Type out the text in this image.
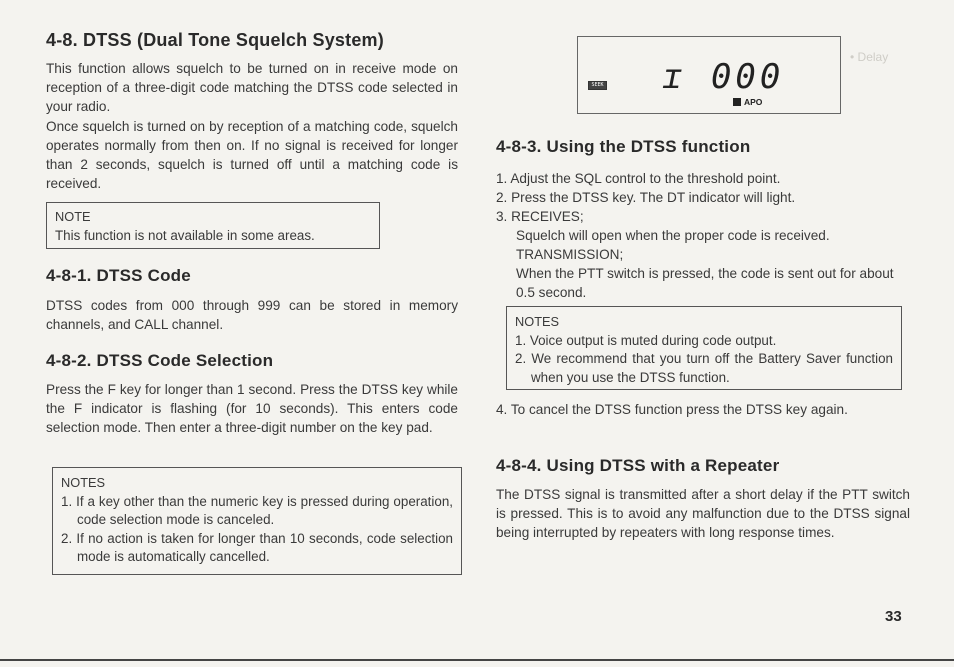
• Delay
4-8. DTSS (Dual Tone Squelch System)

This function allows squelch to be turned on in receive mode on reception of a three-digit code matching the DTSS code selected in your radio.

Once squelch is turned on by reception of a matching code, squelch operates normally from then on. If no signal is received for longer than 2 seconds, squelch is turned off until a matching code is received.

NOTE
This function is not available in some areas.
4-8-1. DTSS Code

DTSS codes from 000 through 999 can be stored in memory channels, and CALL channel.

4-8-2. DTSS Code Selection

Press the F key for longer than 1 second. Press the DTSS key while the F indicator is flashing (for 10 seconds). This enters code selection mode. Then enter a three-digit number on the key pad.

NOTES
1. If a key other than the numeric key is pressed during operation, code selection mode is canceled.
2. If no action is taken for longer than 10 seconds, code selection mode is automatically cancelled.
SEEK ɪ 000
APO
4-8-3. Using the DTSS function
1. Adjust the SQL control to the threshold point.
2. Press the DTSS key. The DT indicator will light.
3. RECEIVES;
Squelch will open when the proper code is received.
TRANSMISSION;
When the PTT switch is pressed, the code is sent out for about 0.5 second.
NOTES
1. Voice output is muted during code output.
2. We recommend that you turn off the Battery Saver function when you use the DTSS function.

4. To cancel the DTSS function press the DTSS key again.

4-8-4. Using DTSS with a Repeater

The DTSS signal is transmitted after a short delay if the PTT switch is pressed. This is to avoid any malfunction due to the DTSS signal being interrupted by repeaters with long response times.

33
